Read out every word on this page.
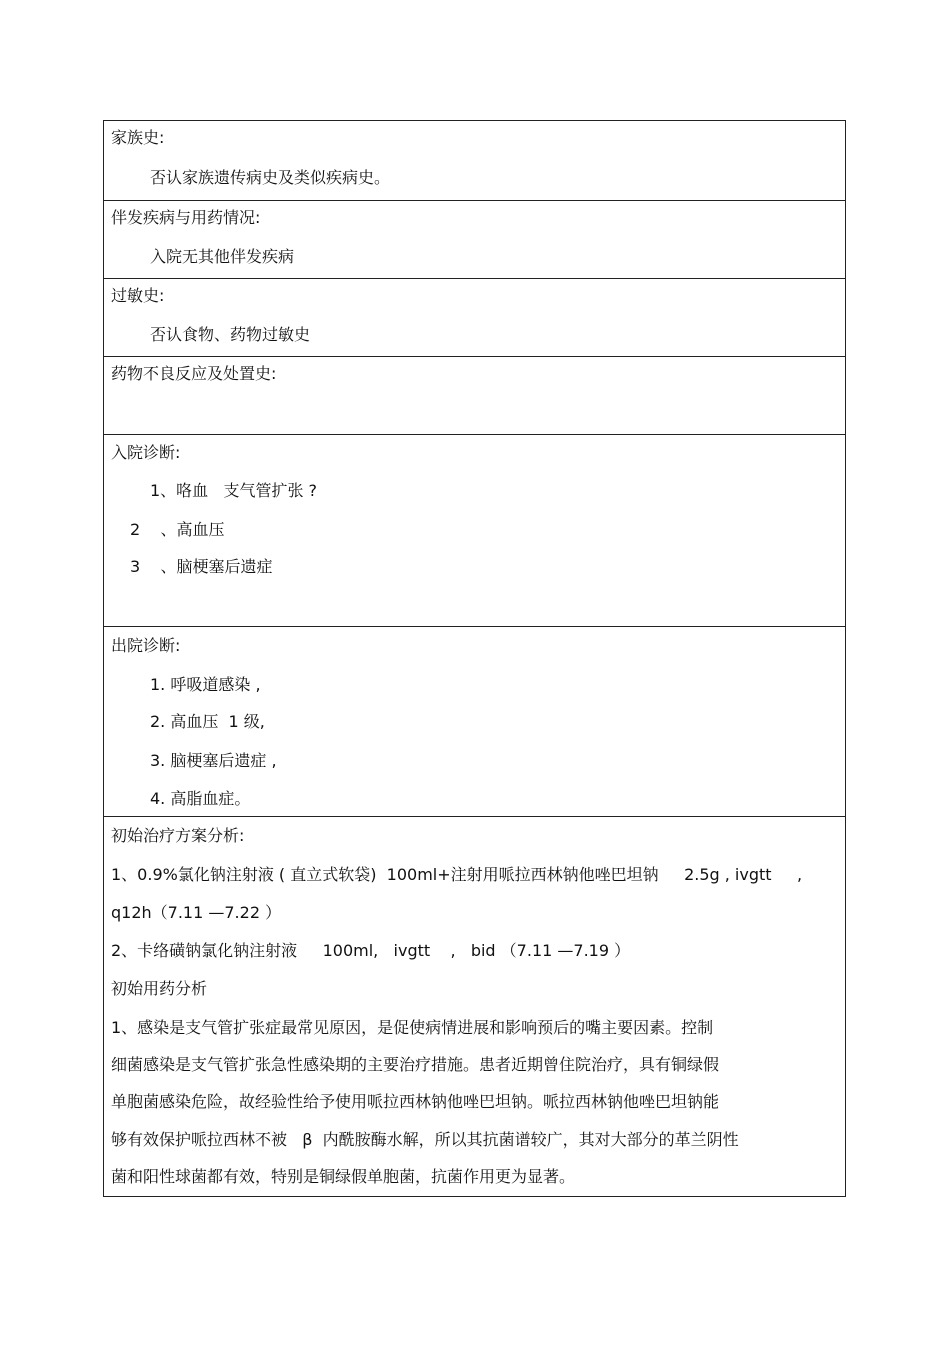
家族史:
否认家族遗传病史及类似疾病史。
伴发疾病与用药情况:
入院无其他伴发疾病
过敏史:
否认食物、药物过敏史
药物不良反应及处置史:
入院诊断:
1、咯血   支气管扩张 ?
2    、高血压
3    、脑梗塞后遗症
出院诊断:
1. 呼吸道感染 ,
2. 高血压  1 级,
3. 脑梗塞后遗症 ,
4. 高脂血症。
初始治疗方案分析:
1、0.9%氯化钠注射液 ( 直立式软袋)  100ml+注射用哌拉西林钠他唑巴坦钠     2.5g , ivgtt     ,
q12h（7.11 —7.22 ）
2、卡络磺钠氯化钠注射液     100ml,   ivgtt    ,   bid （7.11 —7.19 ）
初始用药分析
1、感染是支气管扩张症最常见原因，是促使病情进展和影响预后的嘴主要因素。控制
细菌感染是支气管扩张急性感染期的主要治疗措施。患者近期曾住院治疗，具有铜绿假
单胞菌感染危险，故经验性给予使用哌拉西林钠他唑巴坦钠。哌拉西林钠他唑巴坦钠能
够有效保护哌拉西林不被   β  内酰胺酶水解，所以其抗菌谱较广，其对大部分的革兰阴性
菌和阳性球菌都有效，特别是铜绿假单胞菌，抗菌作用更为显著。
